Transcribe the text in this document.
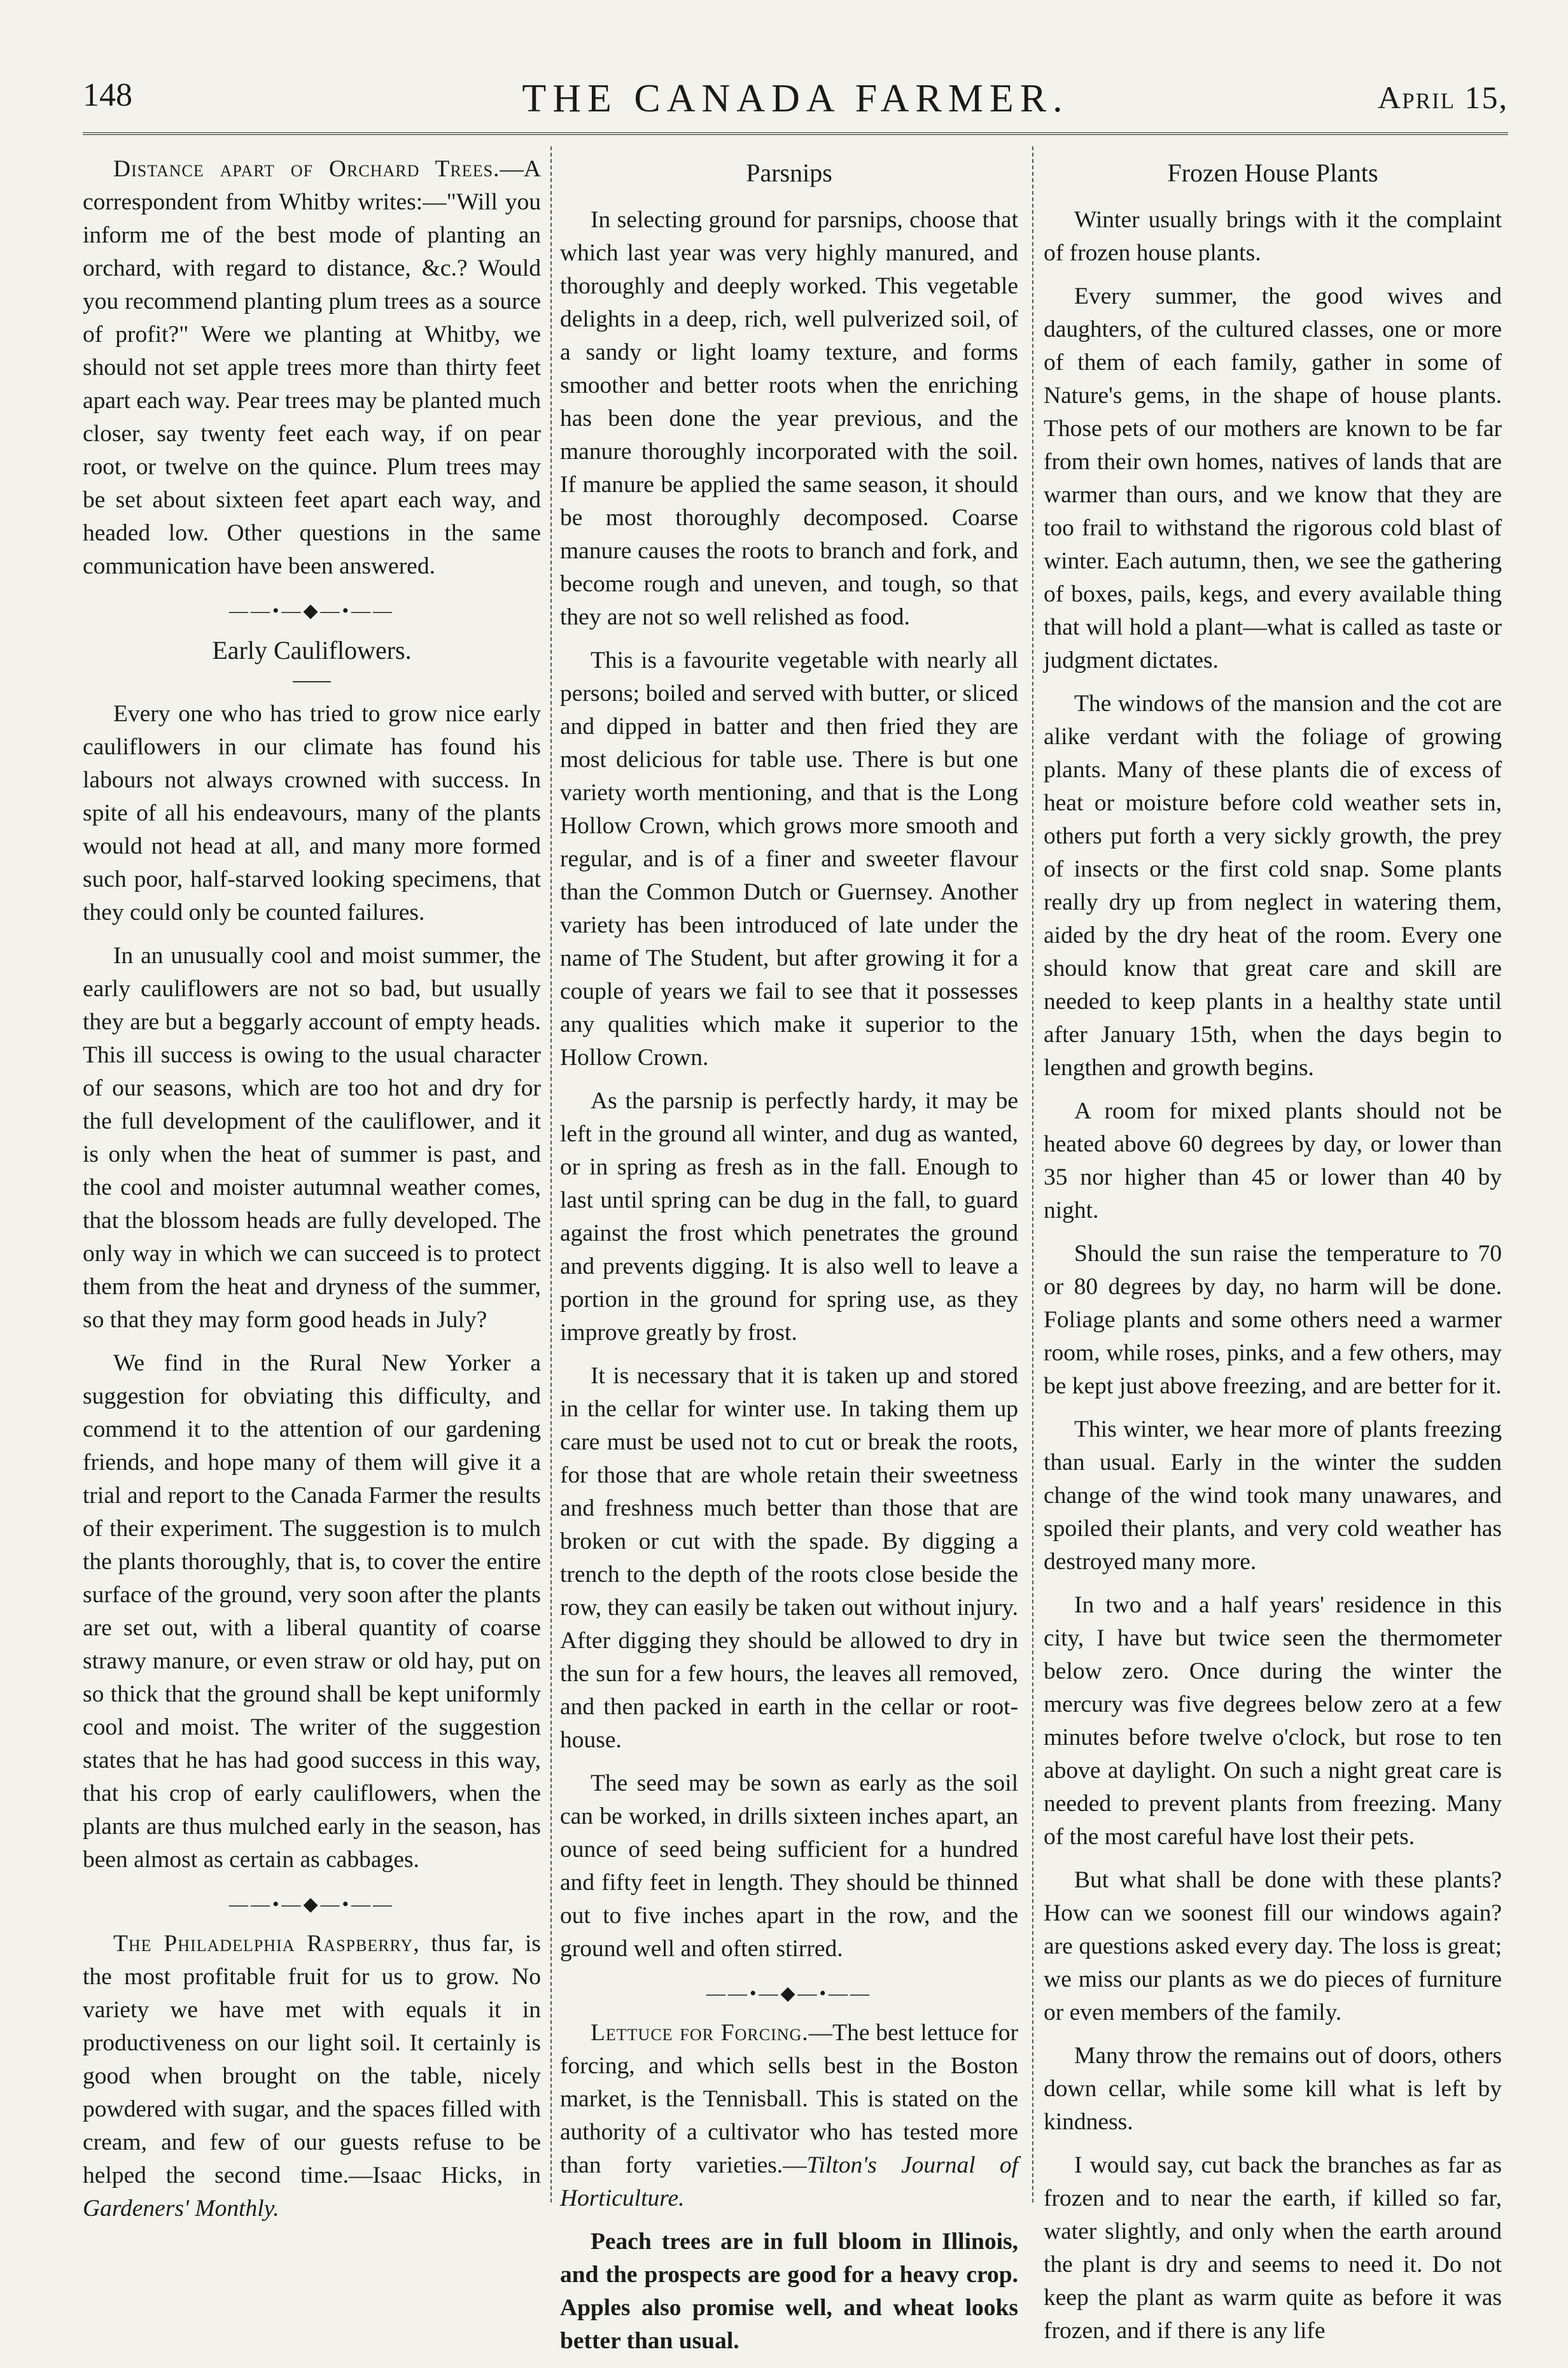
148	THE CANADA FARMER.	April 15,

Distance apart of Orchard Trees.—A correspondent from Whitby writes:—"Will you inform me of the best mode of planting an orchard, with regard to distance, &c.? Would you recommend planting plum trees as a source of profit?" Were we planting at Whitby, we should not set apple trees more than thirty feet apart each way. Pear trees may be planted much closer, say twenty feet each way, if on pear root, or twelve on the quince. Plum trees may be set about sixteen feet apart each way, and headed low. Other questions in the same communication have been answered.

——•—◆—•——
Early Cauliflowers.

Every one who has tried to grow nice early cauliflowers in our climate has found his labours not always crowned with success. In spite of all his endeavours, many of the plants would not head at all, and many more formed such poor, half-starved looking specimens, that they could only be counted failures.

In an unusually cool and moist summer, the early cauliflowers are not so bad, but usually they are but a beggarly account of empty heads. This ill success is owing to the usual character of our seasons, which are too hot and dry for the full development of the cauliflower, and it is only when the heat of summer is past, and the cool and moister autumnal weather comes, that the blossom heads are fully developed. The only way in which we can succeed is to protect them from the heat and dryness of the summer, so that they may form good heads in July?

We find in the Rural New Yorker a suggestion for obviating this difficulty, and commend it to the attention of our gardening friends, and hope many of them will give it a trial and report to the Canada Farmer the results of their experiment. The suggestion is to mulch the plants thoroughly, that is, to cover the entire surface of the ground, very soon after the plants are set out, with a liberal quantity of coarse strawy manure, or even straw or old hay, put on so thick that the ground shall be kept uniformly cool and moist. The writer of the suggestion states that he has had good success in this way, that his crop of early cauliflowers, when the plants are thus mulched early in the season, has been almost as certain as cabbages.

——•—◆—•——

The Philadelphia Raspberry, thus far, is the most profitable fruit for us to grow. No variety we have met with equals it in productiveness on our light soil. It certainly is good when brought on the table, nicely powdered with sugar, and the spaces filled with cream, and few of our guests refuse to be helped the second time.—Isaac Hicks, in Gardeners' Monthly.

Parsnips

In selecting ground for parsnips, choose that which last year was very highly manured, and thoroughly and deeply worked. This vegetable delights in a deep, rich, well pulverized soil, of a sandy or light loamy texture, and forms smoother and better roots when the enriching has been done the year previous, and the manure thoroughly incorporated with the soil. If manure be applied the same season, it should be most thoroughly decomposed. Coarse manure causes the roots to branch and fork, and become rough and uneven, and tough, so that they are not so well relished as food.

This is a favourite vegetable with nearly all persons; boiled and served with butter, or sliced and dipped in batter and then fried they are most delicious for table use. There is but one variety worth mentioning, and that is the Long Hollow Crown, which grows more smooth and regular, and is of a finer and sweeter flavour than the Common Dutch or Guernsey. Another variety has been introduced of late under the name of The Student, but after growing it for a couple of years we fail to see that it possesses any qualities which make it superior to the Hollow Crown.

As the parsnip is perfectly hardy, it may be left in the ground all winter, and dug as wanted, or in spring as fresh as in the fall. Enough to last until spring can be dug in the fall, to guard against the frost which penetrates the ground and prevents digging. It is also well to leave a portion in the ground for spring use, as they improve greatly by frost.

It is necessary that it is taken up and stored in the cellar for winter use. In taking them up care must be used not to cut or break the roots, for those that are whole retain their sweetness and freshness much better than those that are broken or cut with the spade. By digging a trench to the depth of the roots close beside the row, they can easily be taken out without injury. After digging they should be allowed to dry in the sun for a few hours, the leaves all removed, and then packed in earth in the cellar or root-house.

The seed may be sown as early as the soil can be worked, in drills sixteen inches apart, an ounce of seed being sufficient for a hundred and fifty feet in length. They should be thinned out to five inches apart in the row, and the ground well and often stirred.

——•—◆—•——

Lettuce for Forcing.—The best lettuce for forcing, and which sells best in the Boston market, is the Tennisball. This is stated on the authority of a cultivator who has tested more than forty varieties.—Tilton's Journal of Horticulture.

Peach trees are in full bloom in Illinois, and the prospects are good for a heavy crop. Apples also promise well, and wheat looks better than usual.

Frozen House Plants

Winter usually brings with it the complaint of frozen house plants.

Every summer, the good wives and daughters, of the cultured classes, one or more of them of each family, gather in some of Nature's gems, in the shape of house plants. Those pets of our mothers are known to be far from their own homes, natives of lands that are warmer than ours, and we know that they are too frail to withstand the rigorous cold blast of winter. Each autumn, then, we see the gathering of boxes, pails, kegs, and every available thing that will hold a plant—what is called as taste or judgment dictates.

The windows of the mansion and the cot are alike verdant with the foliage of growing plants. Many of these plants die of excess of heat or moisture before cold weather sets in, others put forth a very sickly growth, the prey of insects or the first cold snap. Some plants really dry up from neglect in watering them, aided by the dry heat of the room. Every one should know that great care and skill are needed to keep plants in a healthy state until after January 15th, when the days begin to lengthen and growth begins.

A room for mixed plants should not be heated above 60 degrees by day, or lower than 35 nor higher than 45 or lower than 40 by night.

Should the sun raise the temperature to 70 or 80 degrees by day, no harm will be done. Foliage plants and some others need a warmer room, while roses, pinks, and a few others, may be kept just above freezing, and are better for it.

This winter, we hear more of plants freezing than usual. Early in the winter the sudden change of the wind took many unawares, and spoiled their plants, and very cold weather has destroyed many more.

In two and a half years' residence in this city, I have but twice seen the thermometer below zero. Once during the winter the mercury was five degrees below zero at a few minutes before twelve o'clock, but rose to ten above at daylight. On such a night great care is needed to prevent plants from freezing. Many of the most careful have lost their pets.

But what shall be done with these plants? How can we soonest fill our windows again? are questions asked every day. The loss is great; we miss our plants as we do pieces of furniture or even members of the family.

Many throw the remains out of doors, others down cellar, while some kill what is left by kindness.

I would say, cut back the branches as far as frozen and to near the earth, if killed so far, water slightly, and only when the earth around the plant is dry and seems to need it. Do not keep the plant as warm quite as before it was frozen, and if there is any life
